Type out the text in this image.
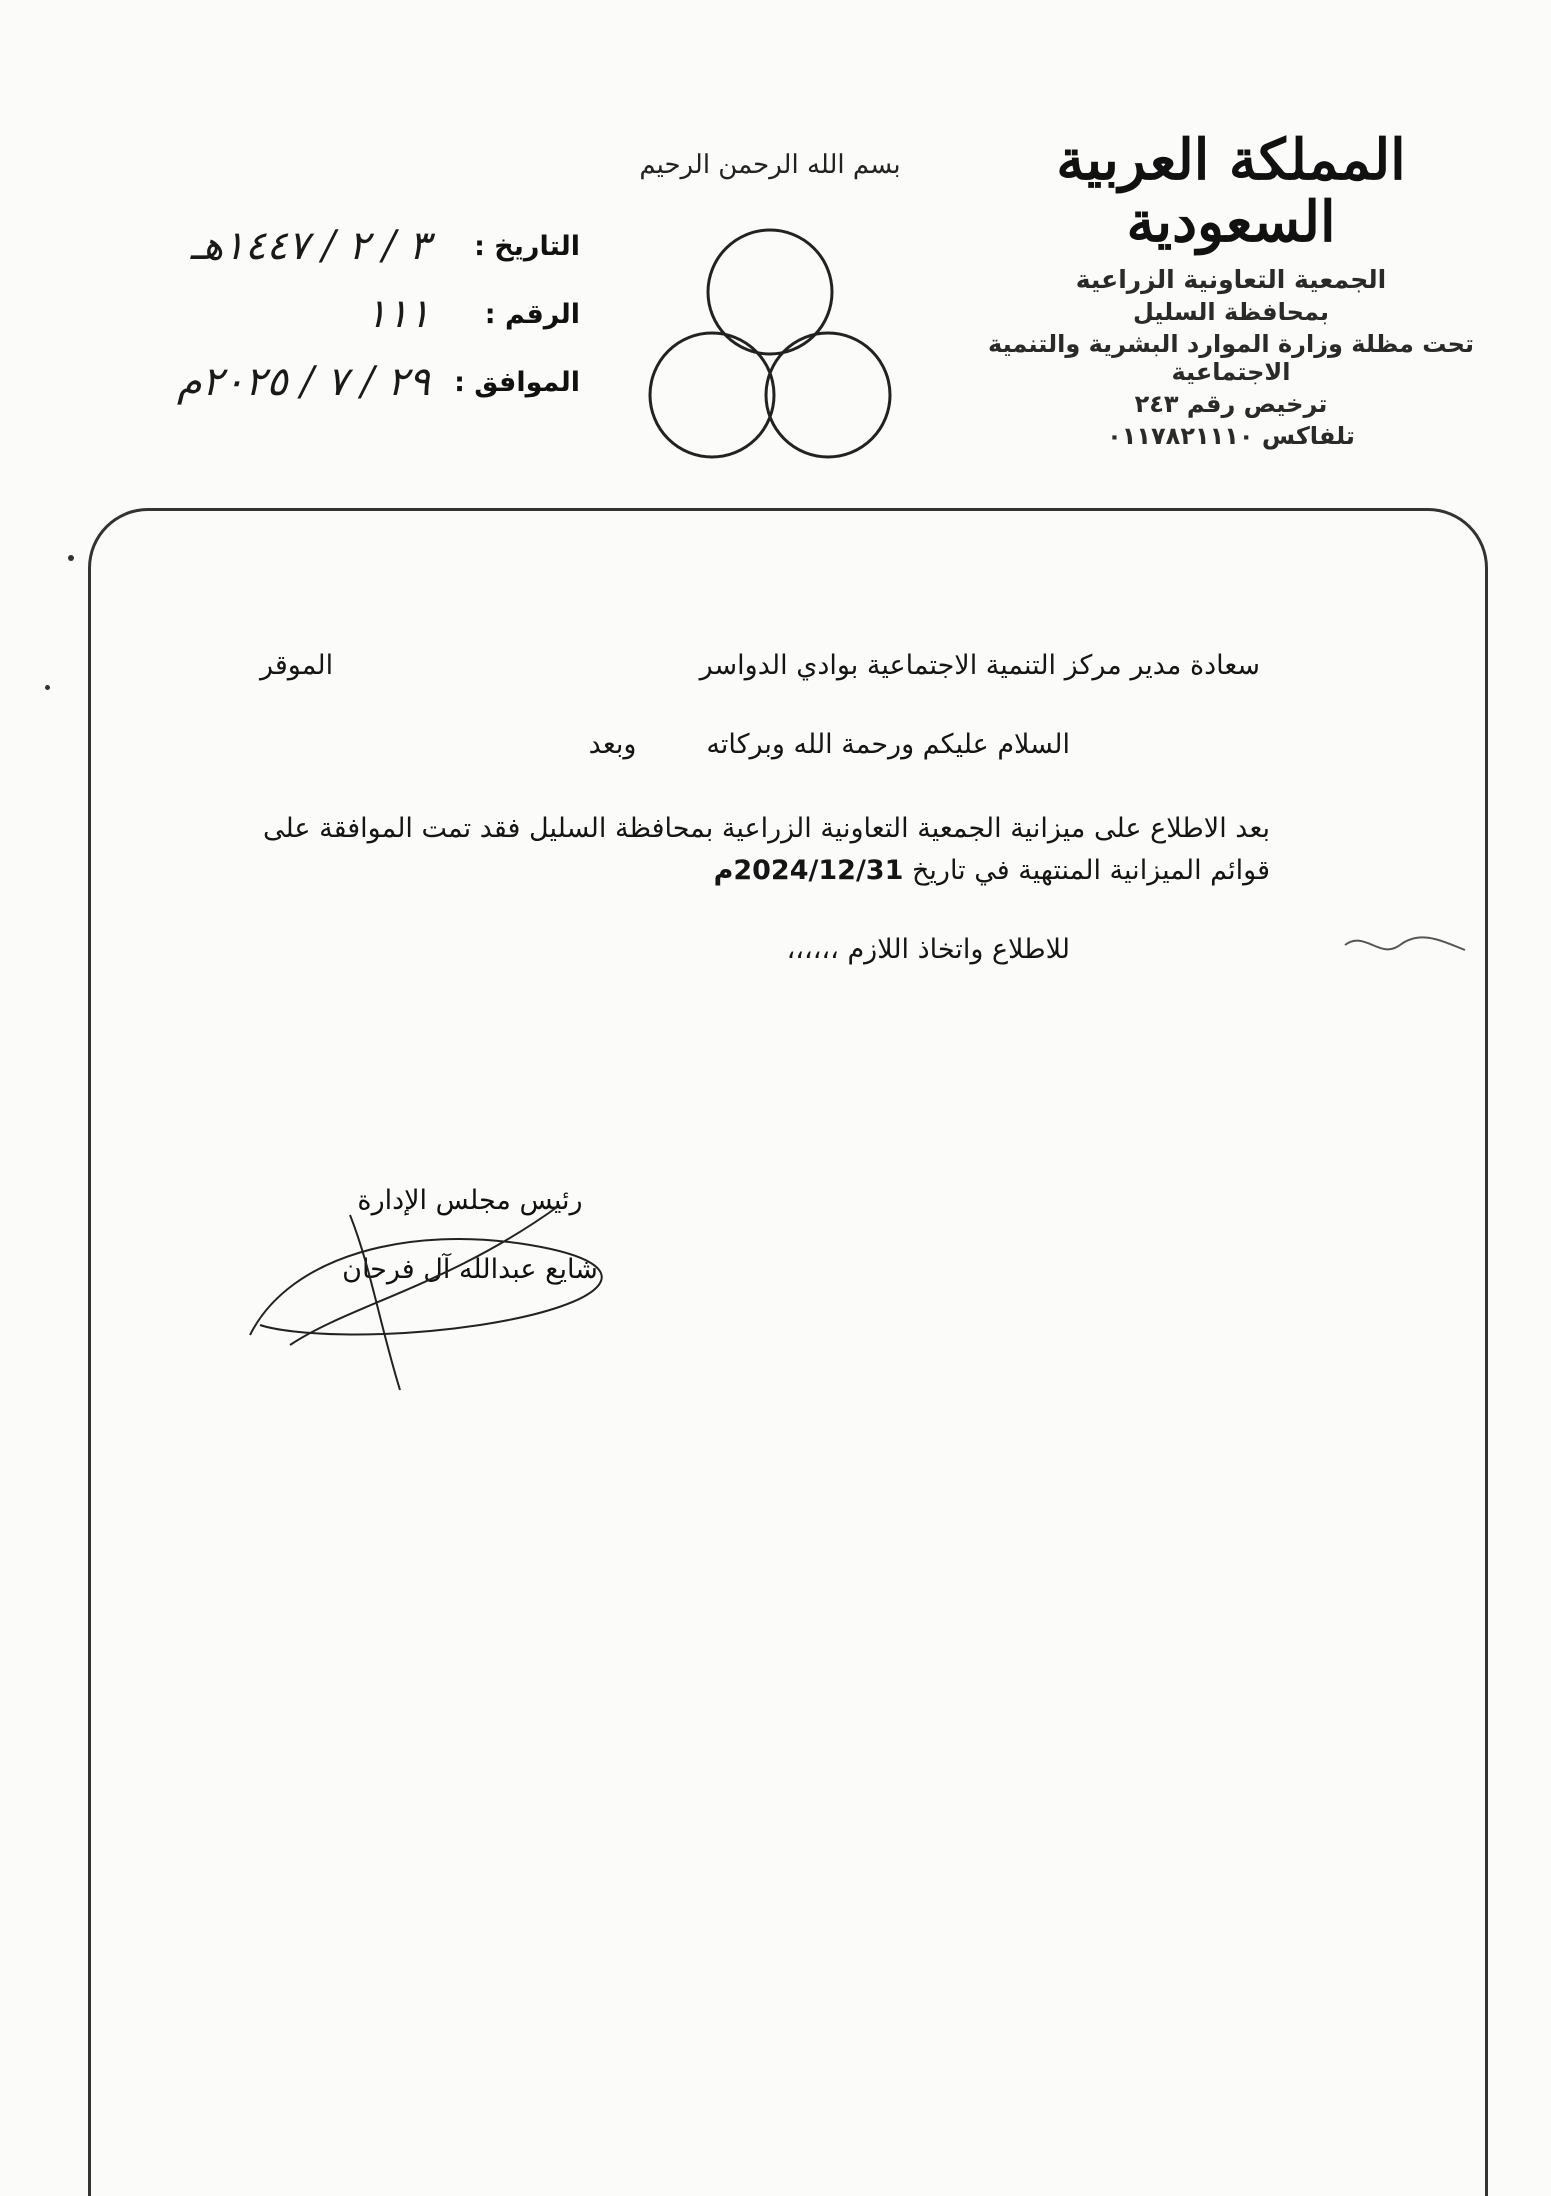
المملكة العربية السعودية
الجمعية التعاونية الزراعية
بمحافظة السليل
تحت مظلة وزارة الموارد البشرية والتنمية الاجتماعية
ترخيص رقم ٢٤٣
تلفاكس ٠١١٧٨٢١١١٠
بسم الله الرحمن الرحيم
التاريخ :
٣ / ٢ / ١٤٤٧هـ
الرقم :
١١١
الموافق :
٢٩ / ٧ / ٢٠٢٥م
سعادة مدير مركز التنمية الاجتماعية بوادي الدواسر
الموقر
السلام عليكم ورحمة الله وبركاته
وبعد
بعد الاطلاع على ميزانية الجمعية التعاونية الزراعية بمحافظة السليل فقد تمت الموافقة على
قوائم الميزانية المنتهية في تاريخ 2024/12/31م
للاطلاع واتخاذ اللازم ،،،،،،
رئيس مجلس الإدارة
شايع عبدالله آل فرحان
